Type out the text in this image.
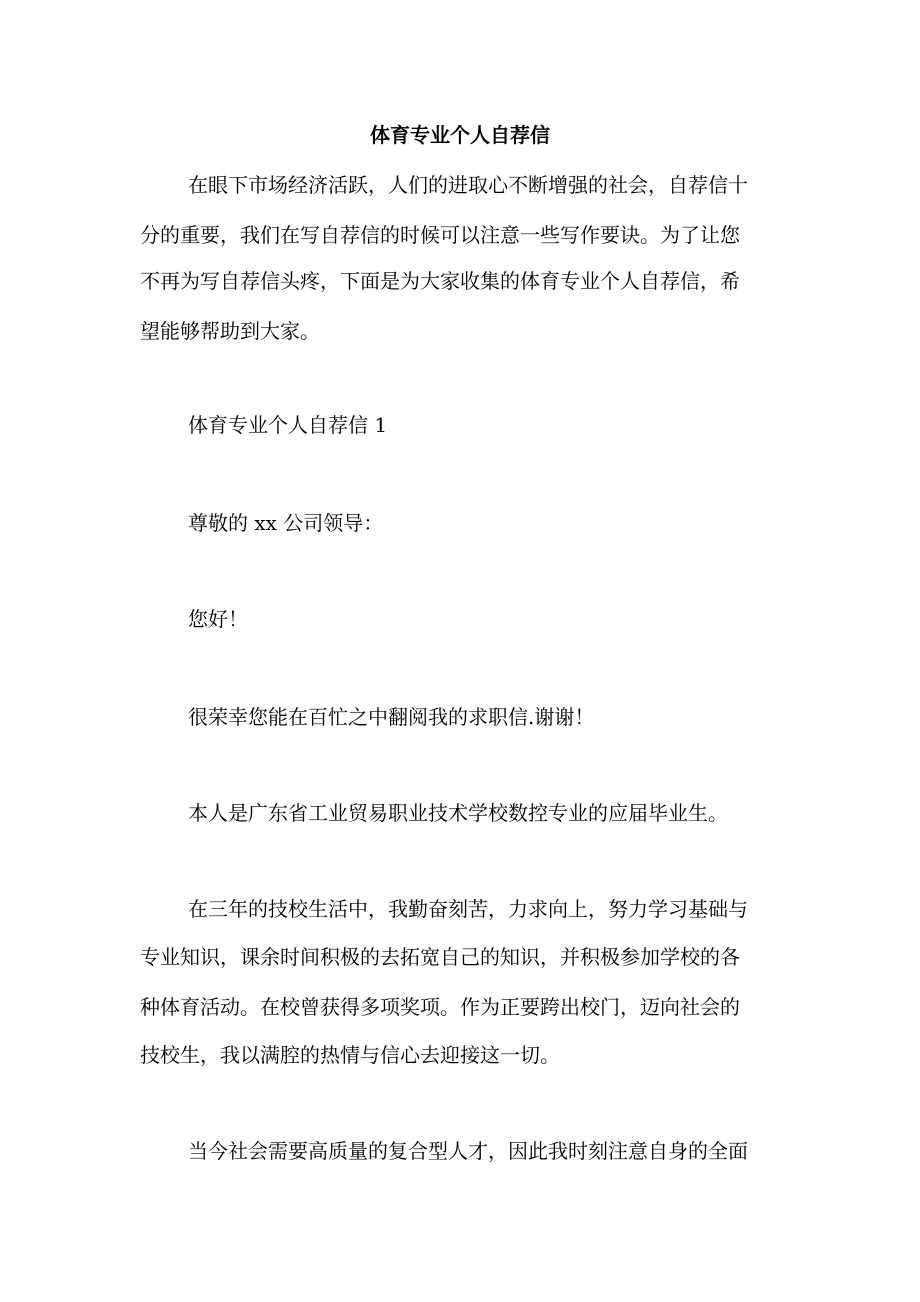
体育专业个人自荐信
在眼下市场经济活跃，人们的进取心不断增强的社会，自荐信十
分的重要，我们在写自荐信的时候可以注意一些写作要诀。为了让您
不再为写自荐信头疼，下面是为大家收集的体育专业个人自荐信，希
望能够帮助到大家。
体育专业个人自荐信 1
尊敬的 xx 公司领导：
您好！
很荣幸您能在百忙之中翻阅我的求职信.谢谢！
本人是广东省工业贸易职业技术学校数控专业的应届毕业生。
在三年的技校生活中，我勤奋刻苦，力求向上，努力学习基础与
专业知识，课余时间积极的去拓宽自己的知识，并积极参加学校的各
种体育活动。在校曾获得多项奖项。作为正要跨出校门，迈向社会的
技校生，我以满腔的热情与信心去迎接这一切。
当今社会需要高质量的复合型人才，因此我时刻注意自身的全面
